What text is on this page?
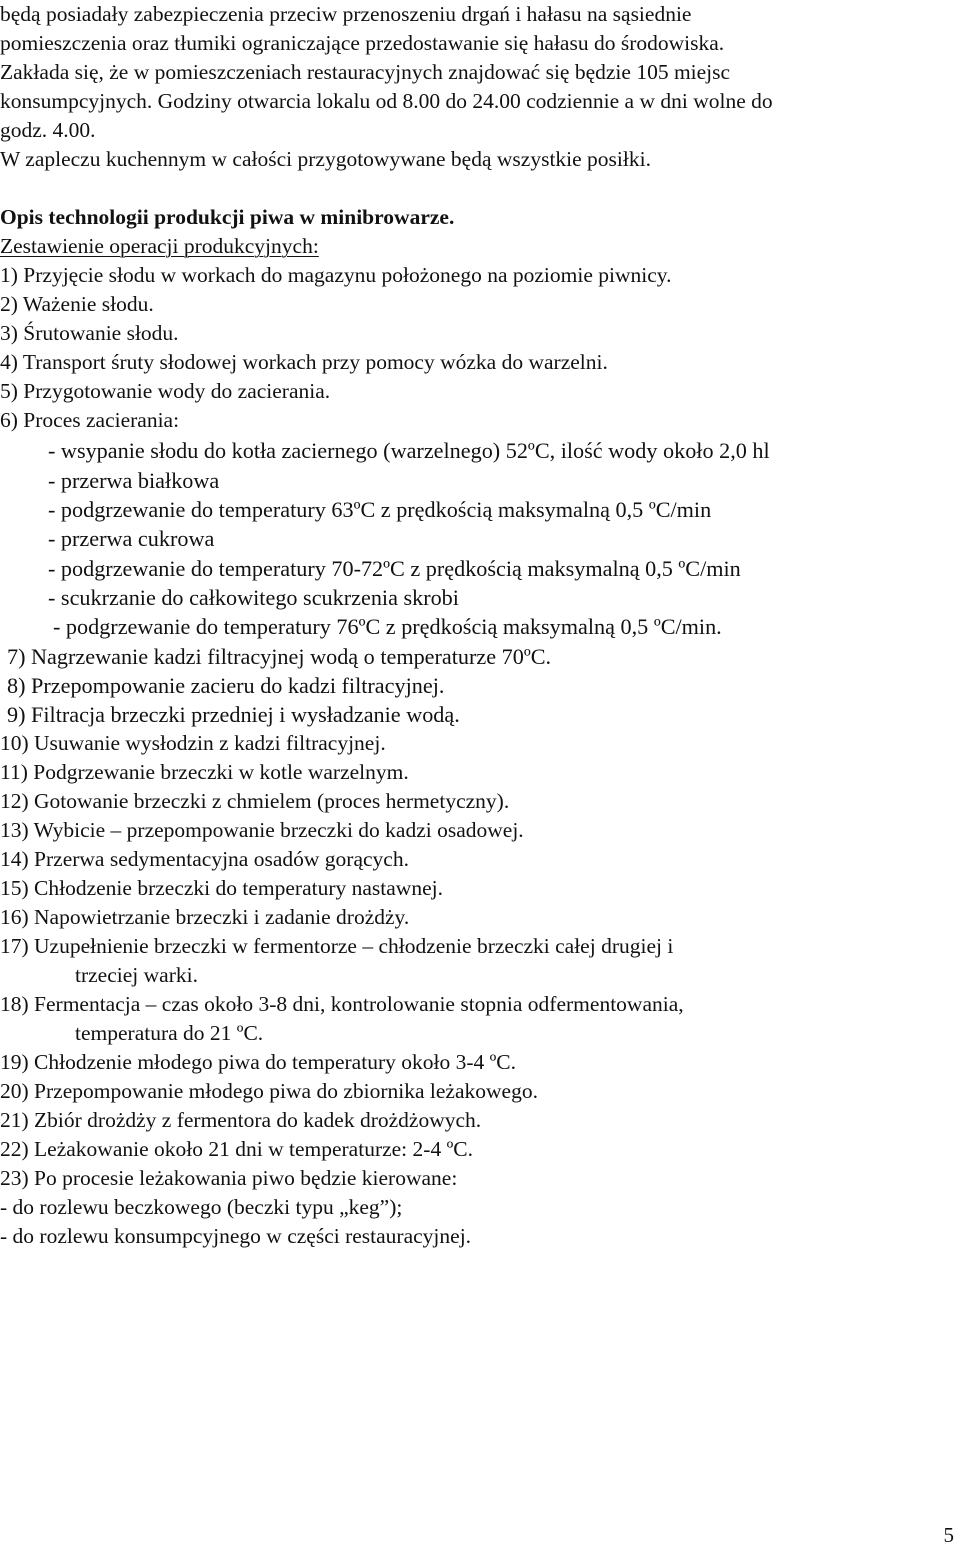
będą posiadały zabezpieczenia przeciw przenoszeniu drgań i hałasu na sąsiednie
pomieszczenia oraz tłumiki ograniczające przedostawanie się hałasu do środowiska.
Zakłada się, że w pomieszczeniach restauracyjnych znajdować się będzie 105 miejsc
konsumpcyjnych. Godziny otwarcia lokalu od 8.00 do 24.00 codziennie a w dni wolne do
godz. 4.00.
W zapleczu kuchennym w całości przygotowywane będą wszystkie posiłki.
Opis technologii produkcji piwa w minibrowarze.
Zestawienie operacji produkcyjnych:
1) Przyjęcie słodu w workach do magazynu położonego na poziomie piwnicy.
2) Ważenie słodu.
3) Śrutowanie słodu.
4) Transport śruty słodowej workach przy pomocy wózka do warzelni.
5) Przygotowanie wody do zacierania.
6) Proces zacierania:
- wsypanie słodu do kotła zaciernego (warzelnego) 52ºC, ilość wody około 2,0 hl
- przerwa białkowa
- podgrzewanie do temperatury 63ºC z prędkością maksymalną 0,5 ºC/min
- przerwa cukrowa
- podgrzewanie do temperatury 70-72ºC z prędkością maksymalną 0,5 ºC/min
- scukrzanie do całkowitego scukrzenia skrobi
- podgrzewanie do temperatury 76ºC z prędkością maksymalną 0,5 ºC/min.
7) Nagrzewanie kadzi filtracyjnej wodą o temperaturze 70ºC.
8) Przepompowanie zacieru do kadzi filtracyjnej.
9) Filtracja brzeczki przedniej i wysładzanie wodą.
10) Usuwanie wysłodzin z kadzi filtracyjnej.
11) Podgrzewanie brzeczki w kotle warzelnym.
12) Gotowanie brzeczki z chmielem (proces hermetyczny).
13) Wybicie – przepompowanie brzeczki do kadzi osadowej.
14) Przerwa sedymentacyjna osadów gorących.
15) Chłodzenie brzeczki do temperatury nastawnej.
16) Napowietrzanie brzeczki i zadanie drożdży.
17) Uzupełnienie brzeczki w fermentorze – chłodzenie brzeczki całej drugiej i
trzeciej warki.
18) Fermentacja – czas około 3-8 dni, kontrolowanie stopnia odfermentowania,
temperatura do 21 ºC.
19) Chłodzenie młodego piwa do temperatury około 3-4 ºC.
20) Przepompowanie młodego piwa do zbiornika leżakowego.
21) Zbiór drożdży z fermentora do kadek drożdżowych.
22) Leżakowanie około 21 dni w temperaturze: 2-4 ºC.
23) Po procesie leżakowania piwo będzie kierowane:
- do rozlewu beczkowego (beczki typu „keg”);
- do rozlewu konsumpcyjnego w części restauracyjnej.
5
